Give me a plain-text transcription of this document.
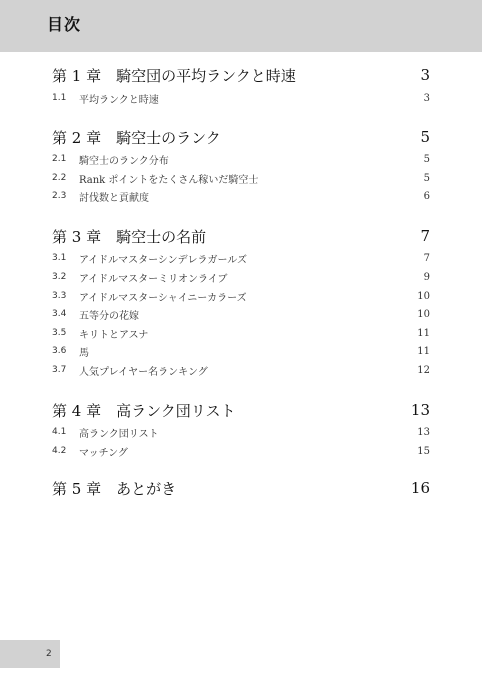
目次
第 1 章　騎空団の平均ランクと時速	3
1.1	平均ランクと時速	3
第 2 章　騎空士のランク	5
2.1	騎空士のランク分布	5
2.2	Rank ポイントをたくさん稼いだ騎空士	5
2.3	討伐数と貢献度	6
第 3 章　騎空士の名前	7
3.1	アイドルマスターシンデレラガールズ	7
3.2	アイドルマスターミリオンライブ	9
3.3	アイドルマスターシャイニーカラーズ	10
3.4	五等分の花嫁	10
3.5	キリトとアスナ	11
3.6	馬	11
3.7	人気プレイヤー名ランキング	12
第 4 章　高ランク団リスト	13
4.1	高ランク団リスト	13
4.2	マッチング	15
第 5 章　あとがき	16
2
